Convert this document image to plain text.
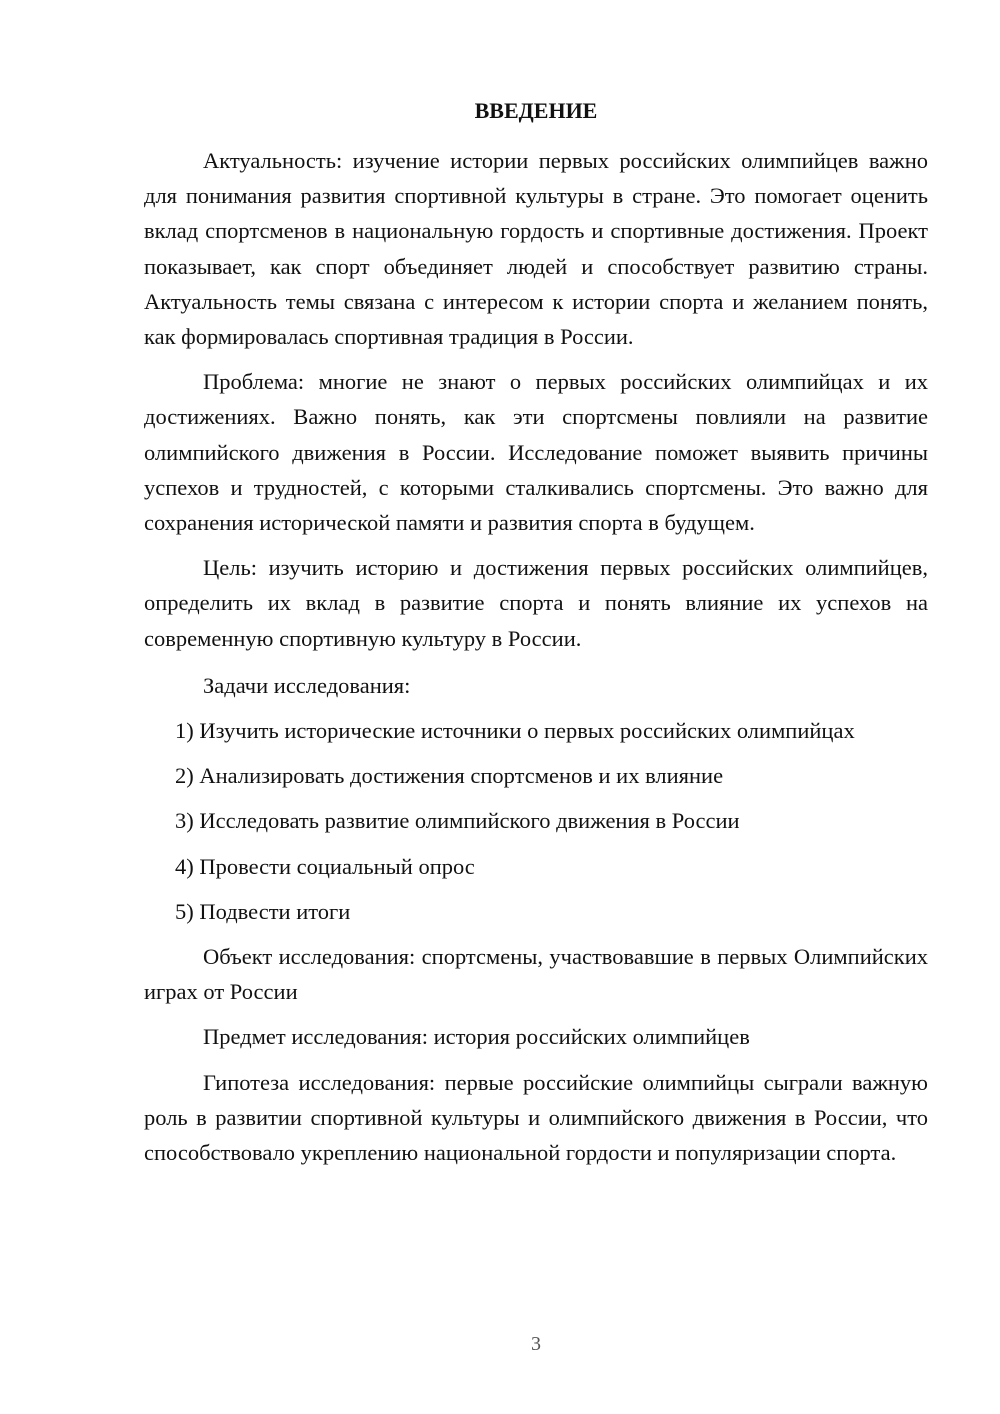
ВВЕДЕНИЕ

Актуальность: изучение истории первых российских олимпийцев важно для понимания развития спортивной культуры в стране. Это помогает оценить вклад спортсменов в национальную гордость и спортивные достижения. Проект показывает, как спорт объединяет людей и способствует развитию страны. Актуальность темы связана с интересом к истории спорта и желанием понять, как формировалась спортивная традиция в России.

Проблема: многие не знают о первых российских олимпийцах и их достижениях. Важно понять, как эти спортсмены повлияли на развитие олимпийского движения в России. Исследование поможет выявить причины успехов и трудностей, с которыми сталкивались спортсмены. Это важно для сохранения исторической памяти и развития спорта в будущем.

Цель: изучить историю и достижения первых российских олимпийцев, определить их вклад в развитие спорта и понять влияние их успехов на современную спортивную культуру в России.

Задачи исследования:

1) Изучить исторические источники о первых российских олимпийцах

2) Анализировать достижения спортсменов и их влияние

3) Исследовать развитие олимпийского движения в России

4) Провести социальный опрос

5) Подвести итоги

Объект исследования: спортсмены, участвовавшие в первых Олимпийских играх от России

Предмет исследования: история российских олимпийцев

Гипотеза исследования: первые российские олимпийцы сыграли важную роль в развитии спортивной культуры и олимпийского движения в России, что способствовало укреплению национальной гордости и популяризации спорта.

3
